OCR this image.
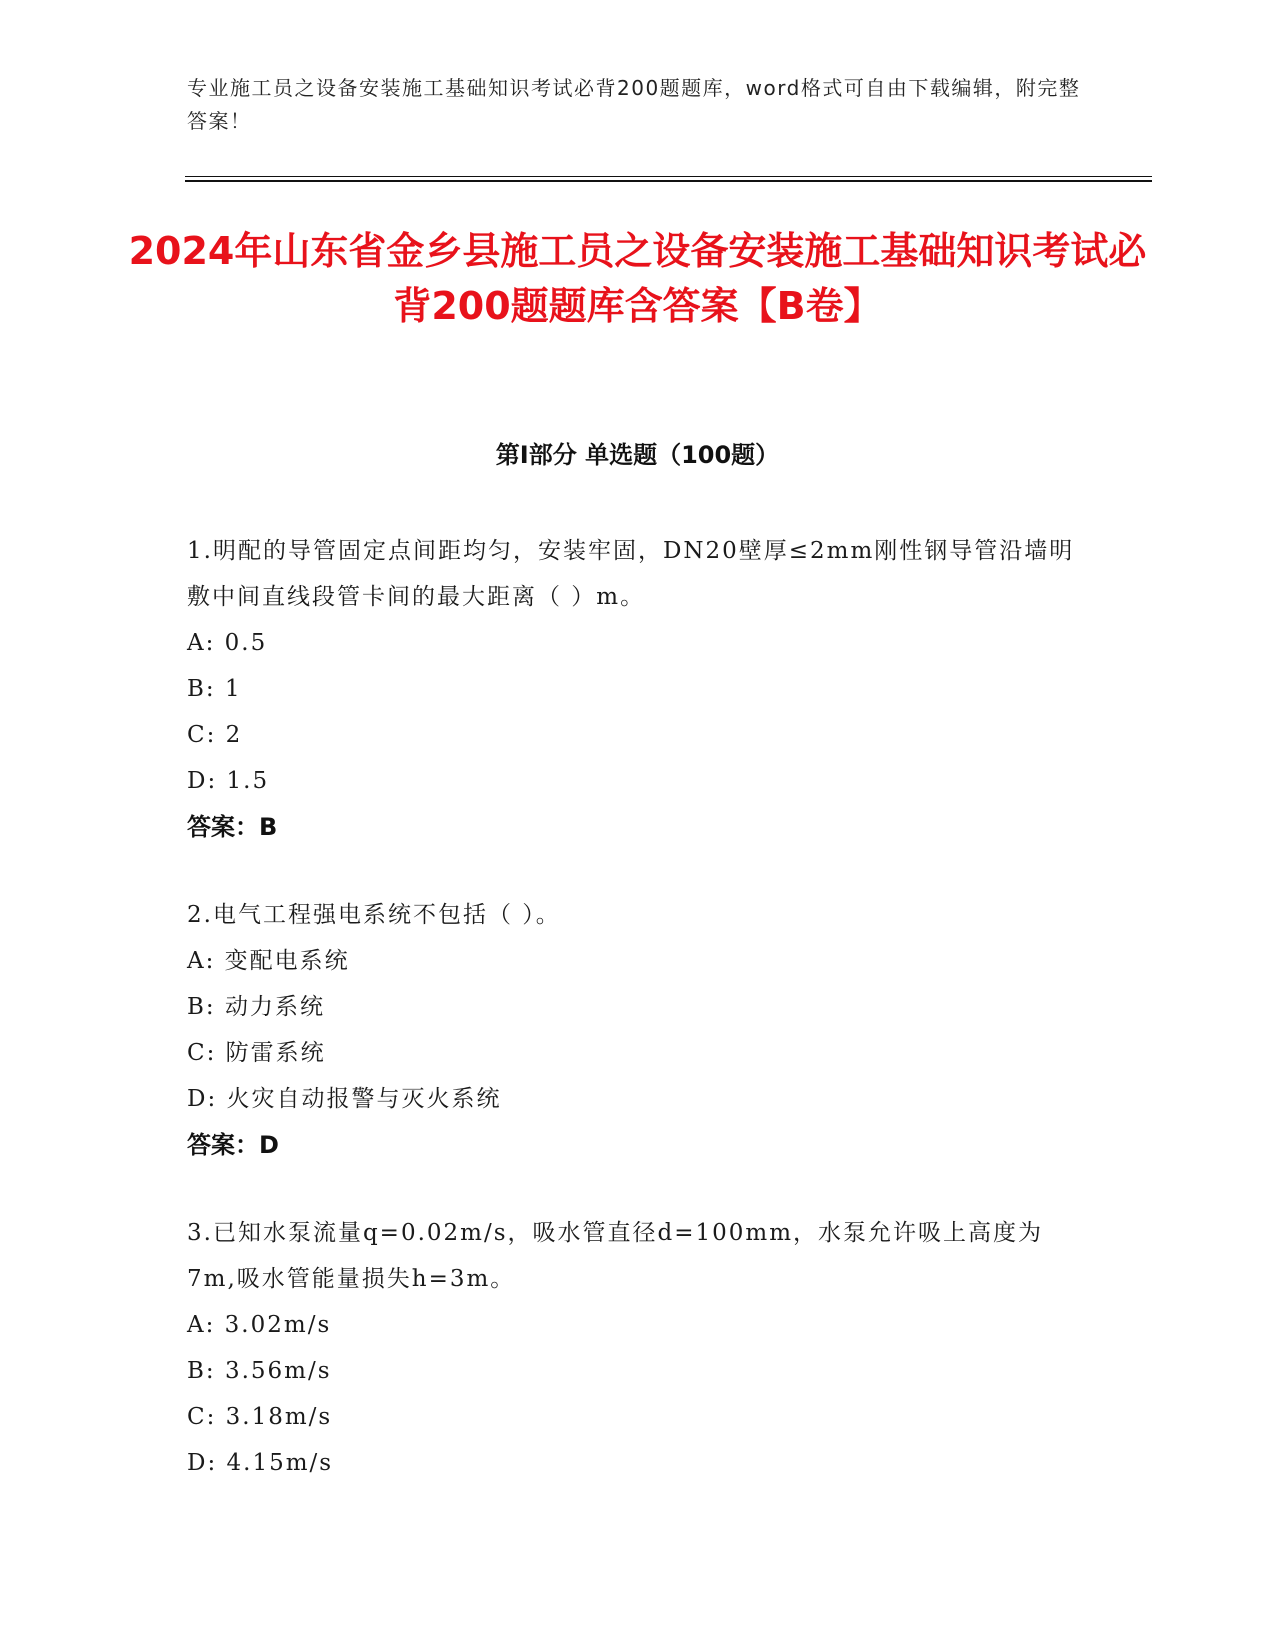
专业施工员之设备安装施工基础知识考试必背200题题库，word格式可自由下载编辑，附完整答案！
2024年山东省金乡县施工员之设备安装施工基础知识考试必背200题题库含答案【B卷】
第I部分 单选题（100题）
1.明配的导管固定点间距均匀，安装牢固，DN20壁厚≤2mm刚性钢导管沿墙明敷中间直线段管卡间的最大距离（ ）m。
A: 0.5
B: 1
C: 2
D: 1.5
答案：B
2.电气工程强电系统不包括（ ）。
A: 变配电系统
B: 动力系统
C: 防雷系统
D: 火灾自动报警与灭火系统
答案：D
3.已知水泵流量q=0.02m/s，吸水管直径d=100mm，水泵允许吸上高度为7m,吸水管能量损失h=3m。
A: 3.02m/s
B: 3.56m/s
C: 3.18m/s
D: 4.15m/s
